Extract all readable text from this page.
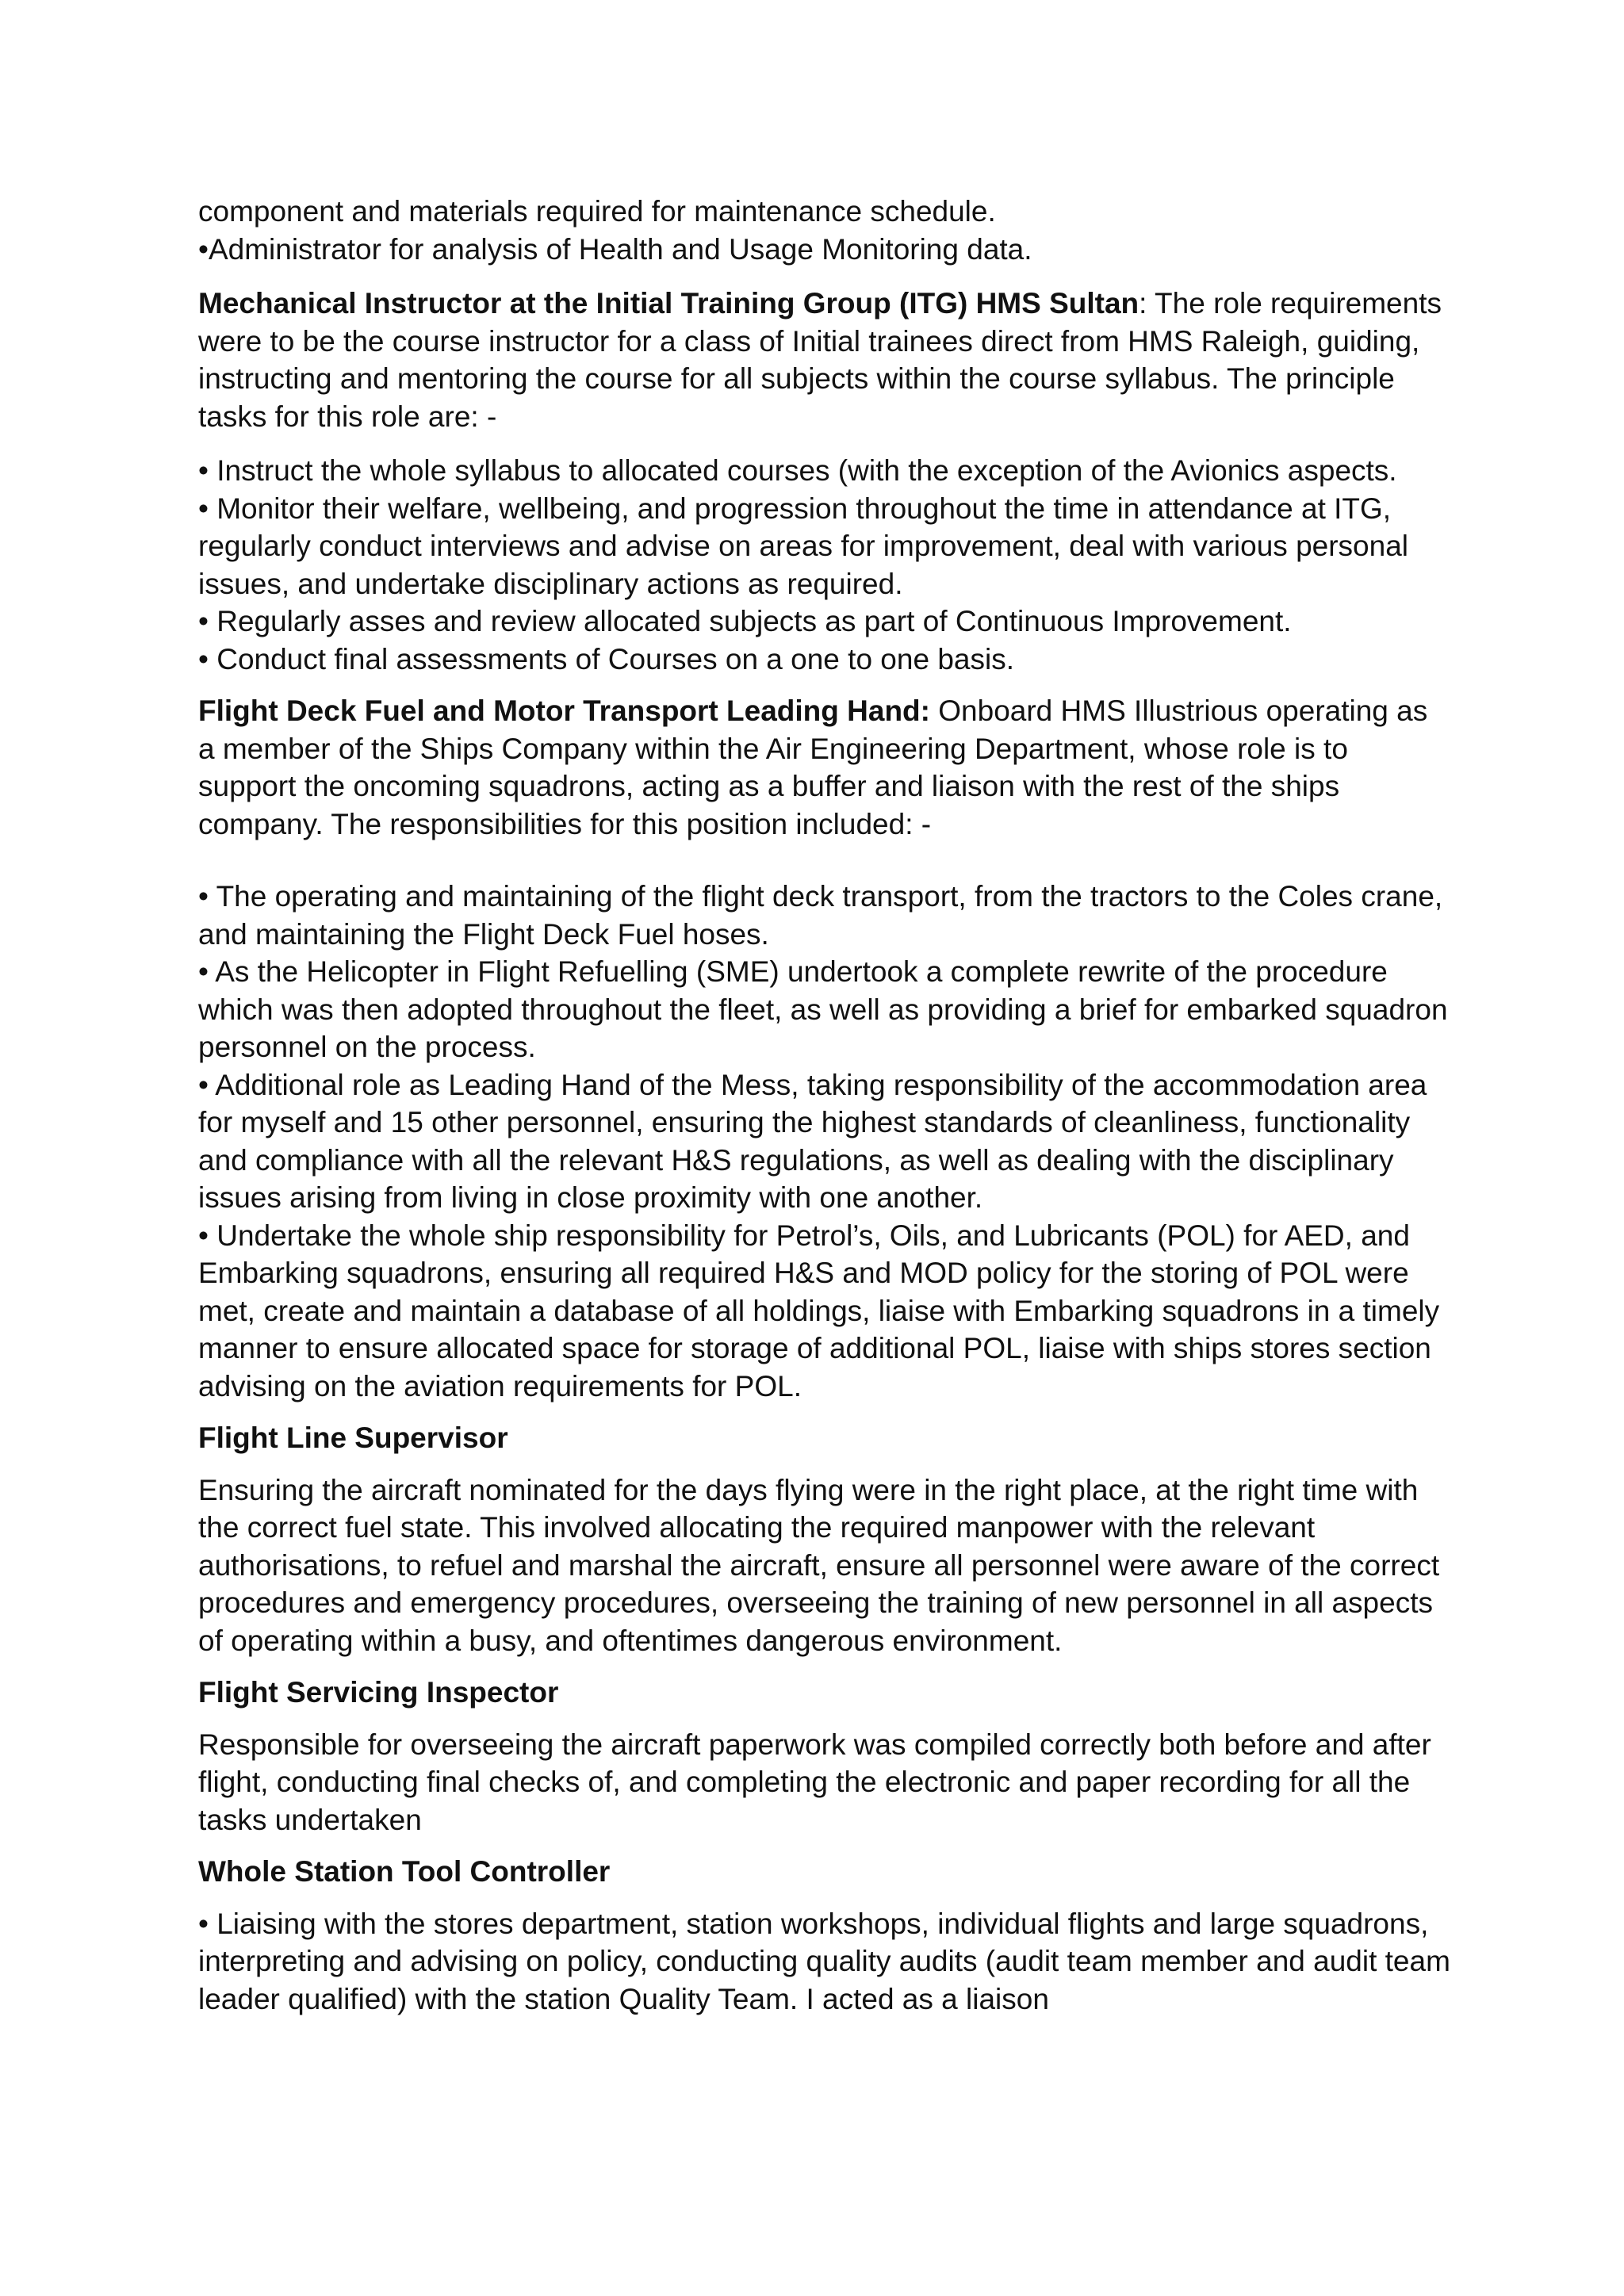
component and materials required for maintenance schedule.

•Administrator for analysis of Health and Usage Monitoring data.

Mechanical Instructor at the Initial Training Group (ITG) HMS Sultan: The role requirements were to be the course instructor for a class of Initial trainees direct from HMS Raleigh, guiding, instructing and mentoring the course for all subjects within the course syllabus. The principle tasks for this role are: -

• Instruct the whole syllabus to allocated courses (with the exception of the Avionics aspects.

• Monitor their welfare, wellbeing, and progression throughout the time in attendance at ITG, regularly conduct interviews and advise on areas for improvement, deal with various personal issues, and undertake disciplinary actions as required.

• Regularly asses and review allocated subjects as part of Continuous Improvement.

• Conduct final assessments of Courses on a one to one basis.

Flight Deck Fuel and Motor Transport Leading Hand: Onboard HMS Illustrious operating as a member of the Ships Company within the Air Engineering Department, whose role is to support the oncoming squadrons, acting as a buffer and liaison with the rest of the ships company. The responsibilities for this position included: -

• The operating and maintaining of the flight deck transport, from the tractors to the Coles crane, and maintaining the Flight Deck Fuel hoses.

• As the Helicopter in Flight Refuelling (SME) undertook a complete rewrite of the procedure which was then adopted throughout the fleet, as well as providing a brief for embarked squadron personnel on the process.

• Additional role as Leading Hand of the Mess, taking responsibility of the accommodation area for myself and 15 other personnel, ensuring the highest standards of cleanliness, functionality and compliance with all the relevant H&S regulations, as well as dealing with the disciplinary issues arising from living in close proximity with one another.

• Undertake the whole ship responsibility for Petrol’s, Oils, and Lubricants (POL) for AED, and Embarking squadrons, ensuring all required H&S and MOD policy for the storing of POL were met, create and maintain a database of all holdings, liaise with Embarking squadrons in a timely manner to ensure allocated space for storage of additional POL, liaise with ships stores section advising on the aviation requirements for POL.

Flight Line Supervisor

Ensuring the aircraft nominated for the days flying were in the right place, at the right time with the correct fuel state. This involved allocating the required manpower with the relevant authorisations, to refuel and marshal the aircraft, ensure all personnel were aware of the correct procedures and emergency procedures, overseeing the training of new personnel in all aspects of operating within a busy, and oftentimes dangerous environment.

Flight Servicing Inspector

Responsible for overseeing the aircraft paperwork was compiled correctly both before and after flight, conducting final checks of, and completing the electronic and paper recording for all the tasks undertaken

Whole Station Tool Controller

• Liaising with the stores department, station workshops, individual flights and large squadrons, interpreting and advising on policy, conducting quality audits (audit team member and audit team leader qualified) with the station Quality Team. I acted as a liaison
